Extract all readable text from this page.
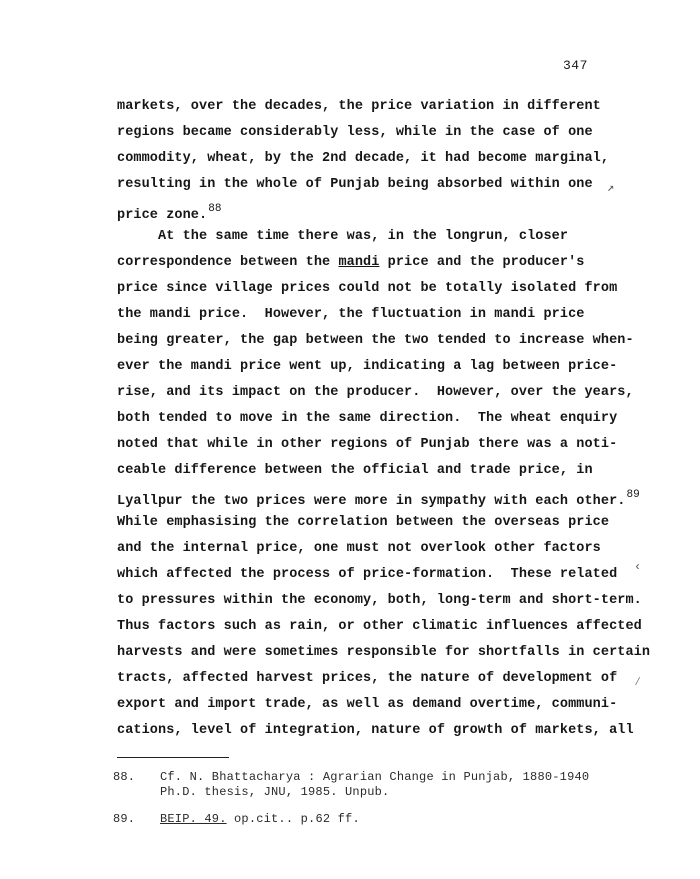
347
markets, over the decades, the price variation in different
regions became considerably less, while in the case of one
commodity, wheat, by the 2nd decade, it had become marginal,
resulting in the whole of Punjab being absorbed within one
price zone.$^{88}$
At the same time there was, in the longrun, closer
correspondence between the mandi price and the producer's
price since village prices could not be totally isolated from
the mandi price.  However, the fluctuation in mandi price
being greater, the gap between the two tended to increase when-
ever the mandi price went up, indicating a lag between price-
rise, and its impact on the producer.  However, over the years,
both tended to move in the same direction.  The wheat enquiry
noted that while in other regions of Punjab there was a noti-
ceable difference between the official and trade price, in
Lyallpur the two prices were more in sympathy with each other.$^{89}$
While emphasising the correlation between the overseas price
and the internal price, one must not overlook other factors
which affected the process of price-formation.  These related
to pressures within the economy, both, long-term and short-term.
Thus factors such as rain, or other climatic influences affected
harvests and were sometimes responsible for shortfalls in certain
tracts, affected harvest prices, the nature of development of
export and import trade, as well as demand overtime, communi-
cations, level of integration, nature of growth of markets, all
88. Cf. N. Bhattacharya : Agrarian Change in Punjab, 1880-1940
Ph.D. thesis, JNU, 1985. Unpub.
89. BEIP. 49. op.cit.. p.62 ff.
↗
‹
∕
